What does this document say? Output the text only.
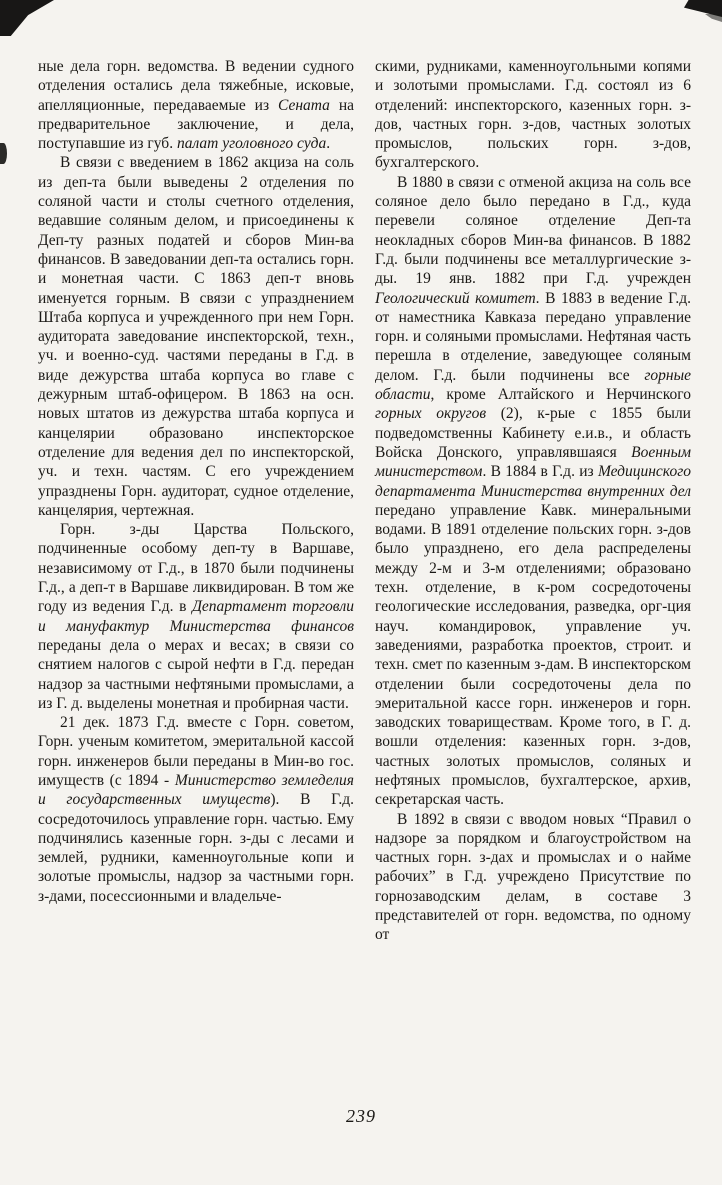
ные дела горн. ведомства. В ведении судного отделения остались дела тяжебные, исковые, апелляционные, передаваемые из Сената на предварительное заключение, и дела, поступавшие из губ. палат уголовного суда.

В связи с введением в 1862 акциза на соль из деп-та были выведены 2 отделения по соляной части и столы счетного отделения, ведавшие соляным делом, и присоединены к Деп-ту разных податей и сборов Мин-ва финансов. В заведовании деп-та остались горн. и монетная части. С 1863 деп-т вновь именуется горным. В связи с упразднением Штаба корпуса и учрежденного при нем Горн. аудитората заведование инспекторской, техн., уч. и военно-суд. частями переданы в Г.д. в виде дежурства штаба корпуса во главе с дежурным штаб-офицером. В 1863 на осн. новых штатов из дежурства штаба корпуса и канцелярии образовано инспекторское отделение для ведения дел по инспекторской, уч. и техн. частям. С его учреждением упразднены Горн. аудиторат, судное отделение, канцелярия, чертежная.

Горн. з-ды Царства Польского, подчиненные особому деп-ту в Варшаве, независимому от Г.д., в 1870 были подчинены Г.д., а деп-т в Варшаве ликвидирован. В том же году из ведения Г.д. в Департамент торговли и мануфактур Министерства финансов переданы дела о мерах и весах; в связи со снятием налогов с сырой нефти в Г.д. передан надзор за частными нефтяными промыслами, а из Г. д. выделены монетная и пробирная части.

21 дек. 1873 Г.д. вместе с Горн. советом, Горн. ученым комитетом, эмеритальной кассой горн. инженеров были переданы в Мин-во гос. имуществ (с 1894 - Министерство земледелия и государственных имуществ). В Г.д. сосредоточилось управление горн. частью. Ему подчинялись казенные горн. з-ды с лесами и землей, рудники, каменноугольные копи и золотые промыслы, надзор за частными горн. з-дами, посессионными и владельче-

скими, рудниками, каменноугольными копями и золотыми промыслами. Г.д. состоял из 6 отделений: инспекторского, казенных горн. з-дов, частных горн. з-дов, частных золотых промыслов, польских горн. з-дов, бухгалтерского.

В 1880 в связи с отменой акциза на соль все соляное дело было передано в Г.д., куда перевели соляное отделение Деп-та неокладных сборов Мин-ва финансов. В 1882 Г.д. были подчинены все металлургические з-ды. 19 янв. 1882 при Г.д. учрежден Геологический комитет. В 1883 в ведение Г.д. от наместника Кавказа передано управление горн. и соляными промыслами. Нефтяная часть перешла в отделение, заведующее соляным делом. Г.д. были подчинены все горные области, кроме Алтайского и Нерчинского горных округов (2), к-рые с 1855 были подведомственны Кабинету е.и.в., и область Войска Донского, управлявшаяся Военным министерством. В 1884 в Г.д. из Медицинского департамента Министерства внутренних дел передано управление Кавк. минеральными водами. В 1891 отделение польских горн. з-дов было упразднено, его дела распределены между 2-м и 3-м отделениями; образовано техн. отделение, в к-ром сосредоточены геологические исследования, разведка, орг-ция науч. командировок, управление уч. заведениями, разработка проектов, строит. и техн. смет по казенным з-дам. В инспекторском отделении были сосредоточены дела по эмеритальной кассе горн. инженеров и горн. заводских товариществам. Кроме того, в Г. д. вошли отделения: казенных горн. з-дов, частных золотых промыслов, соляных и нефтяных промыслов, бухгалтерское, архив, секретарская часть.

В 1892 в связи с вводом новых “Правил о надзоре за порядком и благоустройством на частных горн. з-дах и промыслах и о найме рабочих” в Г.д. учреждено Присутствие по горнозаводским делам, в составе 3 представителей от горн. ведомства, по одному от

239
